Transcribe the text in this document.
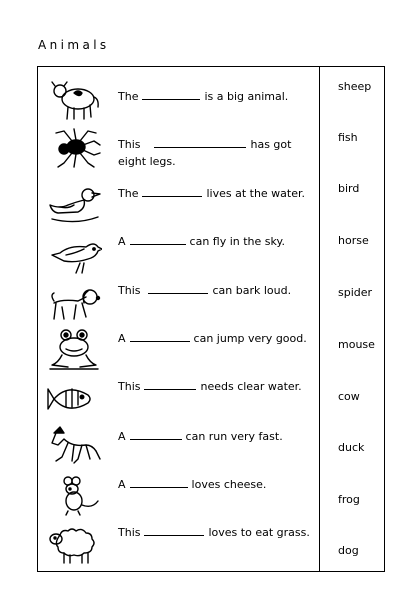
Animals
The	is a big animal.
This	has got
eight legs.
The	lives at the water.
A	can fly in the sky.
This	can bark loud.
A	can jump very good.
This	needs clear water.
A	can run very fast.
A	loves cheese.
This	loves to eat grass.
sheep
fish
bird
horse
spider
mouse
cow
duck
frog
dog
